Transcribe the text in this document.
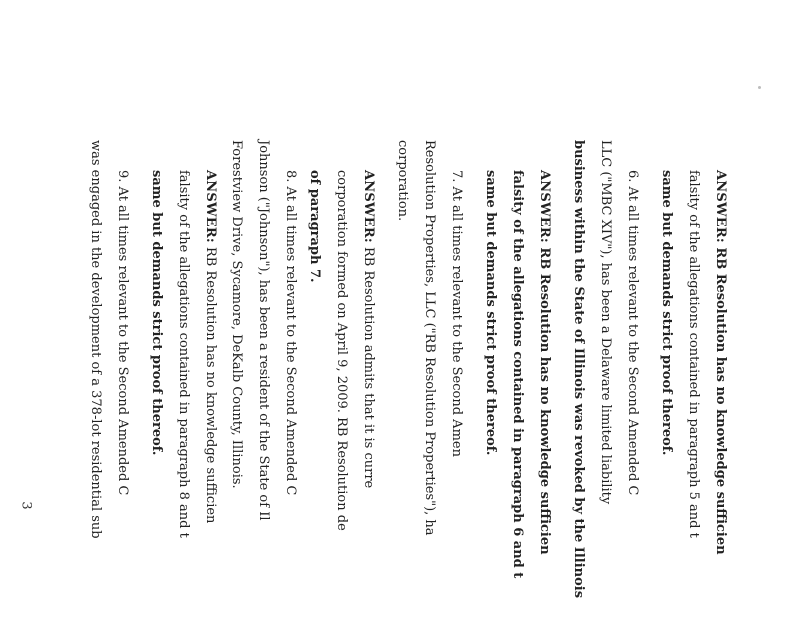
ANSWER: RB Resolution has no knowledge sufficien
falsity of the allegations contained in paragraph 5 and t
same but demands strict proof thereof.
6. At all times relevant to the Second Amended C
LLC ("MBC XIV"), has been a Delaware limited liability
business within the State of Illinois was revoked by the Illinois
ANSWER: RB Resolution has no knowledge sufficien
falsity of the allegations contained in paragraph 6 and t
same but demands strict proof thereof.
7. At all times relevant to the Second Amen
Resolution Properties, LLC ("RB Resolution Properties"), ha
corporation.
ANSWER: RB Resolution admits that it is curre
corporation formed on April 9, 2009. RB Resolution de
of paragraph 7.
8. At all times relevant to the Second Amended C
Johnson ("Johnson"), has been a resident of the State of Il
Forestview Drive, Sycamore, DeKalb County, Illinois.
ANSWER: RB Resolution has no knowledge sufficien
falsity of the allegations contained in paragraph 8 and t
same but demands strict proof thereof.
9. At all times relevant to the Second Amended C
was engaged in the development of a 378-lot residential sub
3
